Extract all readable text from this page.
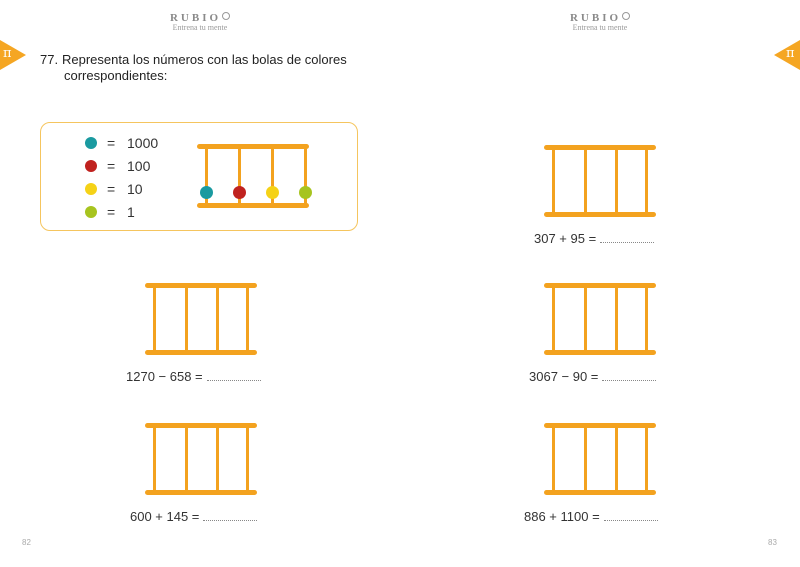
RUBIO
Entrena tu mente
RUBIO
Entrena tu mente
π	π
77. Representa los números con las bolas de colores
correspondientes:
= 1000
= 100
= 10
= 1
1270 − 658 =
600 + 145 =
307 + 95 =
3067 − 90 =
886 + 1100 =
82	83
